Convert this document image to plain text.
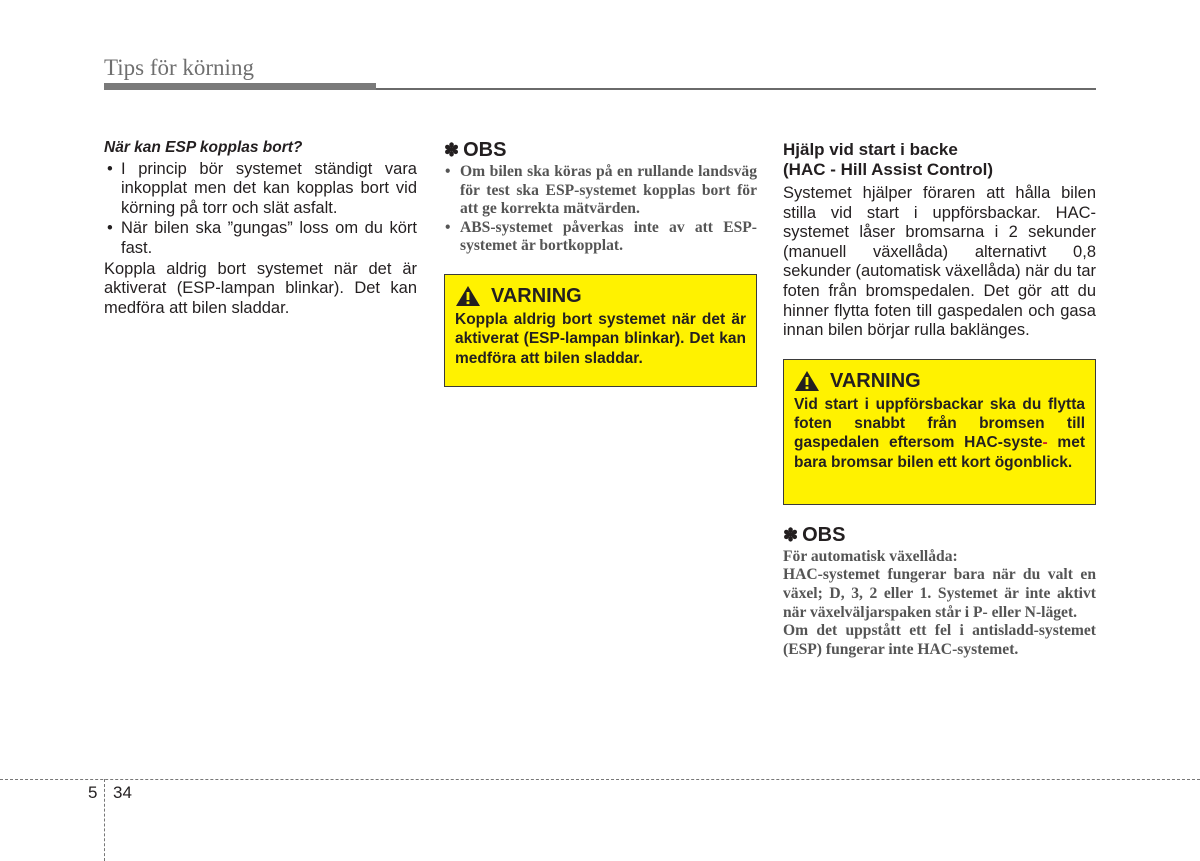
Tips för körning
När kan ESP kopplas bort?
• I princip bör systemet ständigt vara inkopplat men det kan kopplas bort vid körning på torr och slät asfalt.
• När bilen ska ”gungas” loss om du kört fast.

Koppla aldrig bort systemet när det är aktiverat (ESP-lampan blinkar). Det kan medföra att bilen sladdar.

✽ OBS
• Om bilen ska köras på en rullande landsväg för test ska ESP-systemet kopplas bort för att ge korrekta mätvärden.
• ABS-systemet påverkas inte av att ESP-systemet är bortkopplat.
VARNING
Koppla aldrig bort systemet när det är aktiverat (ESP-lampan blinkar). Det kan medföra att bilen sladdar.
Hjälp vid start i backe
(HAC - Hill Assist Control)

Systemet hjälper föraren att hålla bilen stilla vid start i uppförsbackar. HAC-systemet låser bromsarna i 2 sekunder (manuell växellåda) alternativt 0,8 sekunder (automatisk växellåda) när du tar foten från bromspedalen. Det gör att du hinner flytta foten till gaspedalen och gasa innan bilen börjar rulla baklänges.

VARNING
Vid start i uppförsbackar ska du flytta foten snabbt från bromsen till gaspedalen eftersom HAC-syste- met bara bromsar bilen ett kort ögonblick.
✽ OBS
För automatisk växellåda:
HAC-systemet fungerar bara när du valt en växel; D, 3, 2 eller 1. Systemet är inte aktivt när växelväljarspaken står i P- eller N-läget.
Om det uppstått ett fel i antisladd-systemet (ESP) fungerar inte HAC-systemet.
5 34
